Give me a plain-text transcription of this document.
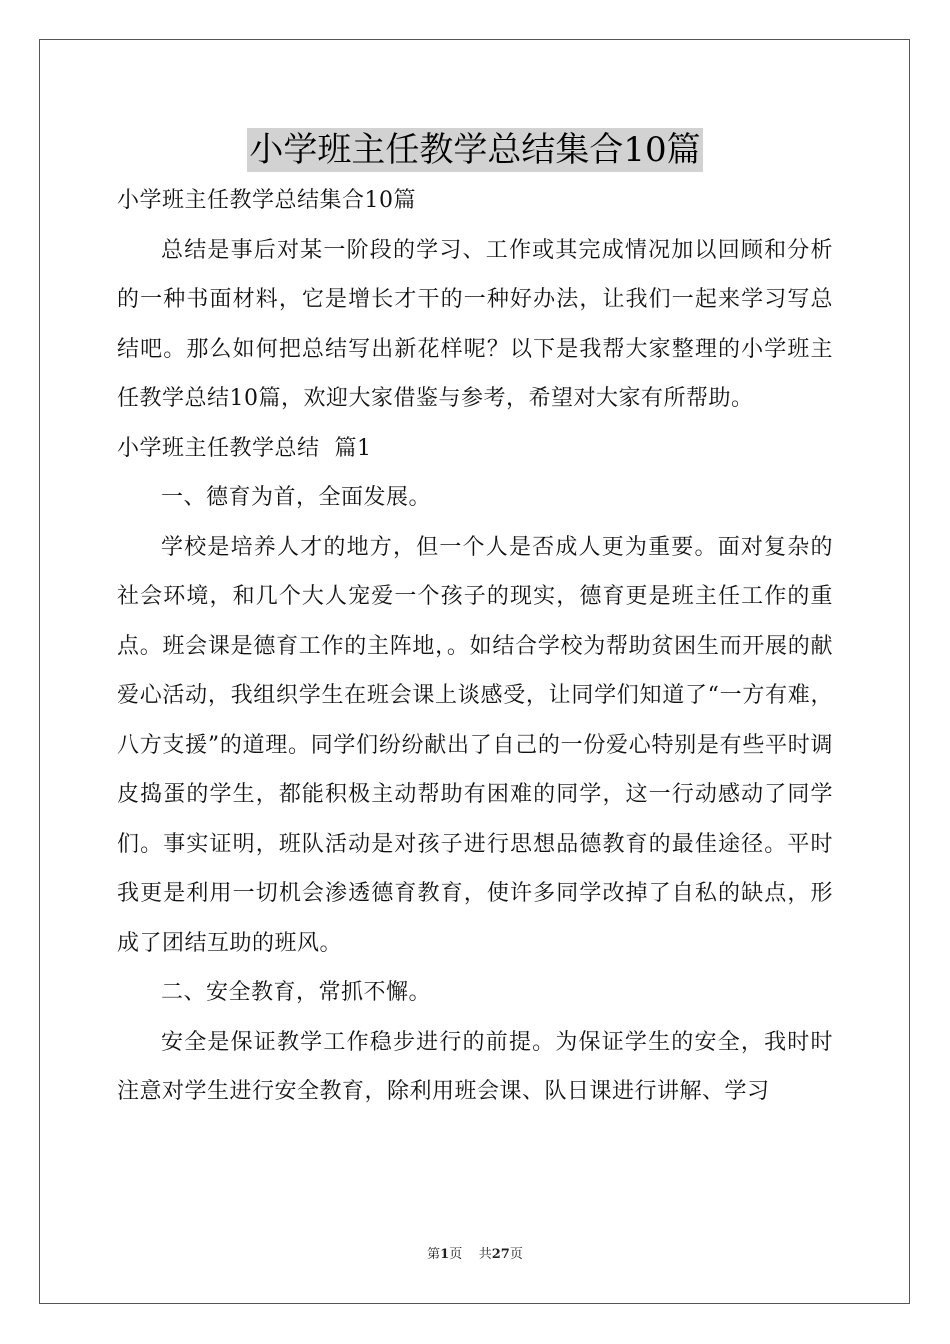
小学班主任教学总结集合10篇

小学班主任教学总结集合10篇

总结是事后对某一阶段的学习、工作或其完成情况加以回顾和分析的一种书面材料，它是增长才干的一种好办法，让我们一起来学习写总结吧。那么如何把总结写出新花样呢？以下是我帮大家整理的小学班主任教学总结10篇，欢迎大家借鉴与参考，希望对大家有所帮助。

小学班主任教学总结  篇1

一、德育为首，全面发展。

学校是培养人才的地方，但一个人是否成人更为重要。面对复杂的社会环境，和几个大人宠爱一个孩子的现实，德育更是班主任工作的重点。班会课是德育工作的主阵地，。如结合学校为帮助贫困生而开展的献爱心活动，我组织学生在班会课上谈感受，让同学们知道了“一方有难，八方支援”的道理。同学们纷纷献出了自己的一份爱心特别是有些平时调皮捣蛋的学生，都能积极主动帮助有困难的同学，这一行动感动了同学们。事实证明，班队活动是对孩子进行思想品德教育的最佳途径。平时我更是利用一切机会渗透德育教育，使许多同学改掉了自私的缺点，形成了团结互助的班风。

二、安全教育，常抓不懈。

安全是保证教学工作稳步进行的前提。为保证学生的安全，我时时注意对学生进行安全教育，除利用班会课、队日课进行讲解、学习

第1页    共27页
